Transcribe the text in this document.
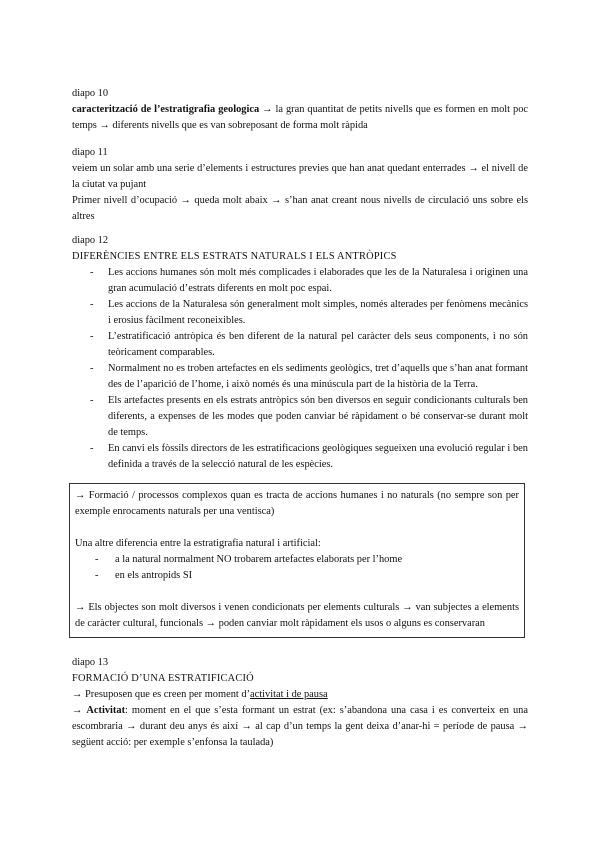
diapo 10

caracterització de l’estratigrafia geologica → la gran quantitat de petits nivells que es formen en molt poc temps → diferents nivells que es van sobreposant de forma molt ràpida

diapo 11

veiem un solar amb una serie d’elements i estructures previes que han anat quedant enterrades → el nivell de la ciutat va pujant

Primer nivell d’ocupació → queda molt abaix → s’han anat creant nous nivells de circulació uns sobre els altres

diapo 12

DIFERÈNCIES ENTRE ELS ESTRATS NATURALS I ELS ANTRÒPICS

- Les accions humanes són molt més complicades i elaborades que les de la Naturalesa i originen una gran acumulació d’estrats diferents en molt poc espai.
- Les accions de la Naturalesa són generalment molt simples, només alterades per fenòmens mecànics i erosius fàcilment reconeixibles.
- L’estratificació antròpica és ben diferent de la natural pel caràcter dels seus components, i no són teòricament comparables.
- Normalment no es troben artefactes en els sediments geològics, tret d’aquells que s’han anat formant des de l’aparició de l’home, i això només és una minúscula part de la història de la Terra.
- Els artefactes presents en els estrats antròpics són ben diversos en seguir condicionants culturals ben diferents, a expenses de les modes que poden canviar bé ràpidament o bé conservar-se durant molt de temps.
- En canvi els fòssils directors de les estratificacions geològiques segueixen una evolució regular i ben definida a través de la selecció natural de les espècies.

→ Formació / processos complexos quan es tracta de accions humanes i no naturals (no sempre son per exemple enrocaments naturals per una ventisca)

Una altre diferencia entre la estratigrafia natural i artificial:

- a la natural normalment NO trobarem artefactes elaborats per l’home
- en els antropids SI

→ Els objectes son molt diversos i venen condicionats per elements culturals → van subjectes a elements de caràcter cultural, funcionals → poden canviar molt ràpidament els usos o alguns es conservaran

diapo 13

FORMACIÓ D’UNA ESTRATIFICACIÓ

→ Presuposen que es creen per moment d’activitat i de pausa

→ Activitat: moment en el que s’esta formant un estrat (ex: s’abandona una casa i es converteix en una escombraria → durant deu anys és així → al cap d’un temps la gent deixa d’anar-hi = període de pausa → següent acció: per exemple s’enfonsa la taulada)
